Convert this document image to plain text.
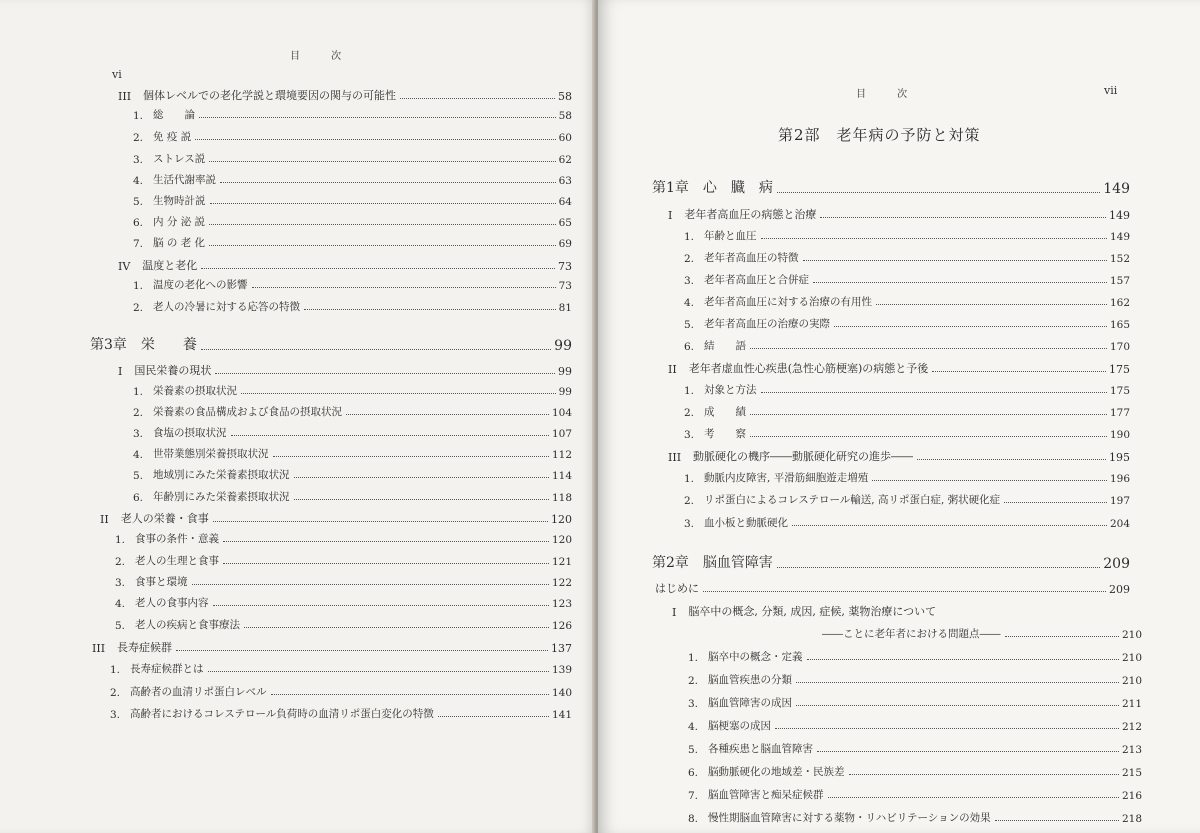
目 次
vi
目 次	vii
第2部　老年病の予防と対策
III 個体レベルでの老化学説と環境要因の関与の可能性	58
1. 総　　論	58
2. 免 疫 説	60
3. ストレス説	62
4. 生活代謝率説	63
5. 生物時計説	64
6. 内 分 泌 説	65
7. 脳 の 老 化	69
IV 温度と老化	73
1. 温度の老化への影響	73
2. 老人の冷暑に対する応答の特徴	81
第3章 栄　　養	99
I 国民栄養の現状	99
1. 栄養素の摂取状況	99
2. 栄養素の食品構成および食品の摂取状況	104
3. 食塩の摂取状況	107
4. 世帯業態別栄養摂取状況	112
5. 地域別にみた栄養素摂取状況	114
6. 年齢別にみた栄養素摂取状況	118
II 老人の栄養・食事	120
1. 食事の条件・意義	120
2. 老人の生理と食事	121
3. 食事と環境	122
4. 老人の食事内容	123
5. 老人の疾病と食事療法	126
III 長寿症候群	137
1. 長寿症候群とは	139
2. 高齢者の血清リポ蛋白レベル	140
3. 高齢者におけるコレステロール負荷時の血清リポ蛋白変化の特徴	141
第1章 心　臓　病	149
I 老年者高血圧の病態と治療	149
1. 年齢と血圧	149
2. 老年者高血圧の特徴	152
3. 老年者高血圧と合併症	157
4. 老年者高血圧に対する治療の有用性	162
5. 老年者高血圧の治療の実際	165
6. 結　　語	170
II 老年者虚血性心疾患(急性心筋梗塞)の病態と予後	175
1. 対象と方法	175
2. 成　　績	177
3. 考　　察	190
III 動脈硬化の機序――動脈硬化研究の進歩――	195
1. 動脈内皮障害, 平滑筋細胞遊走増殖	196
2. リポ蛋白によるコレステロール輸送, 高リポ蛋白症, 粥状硬化症	197
3. 血小板と動脈硬化	204
第2章 脳血管障害	209
はじめに	209
I 脳卒中の概念, 分類, 成因, 症候, 薬物治療について
――ことに老年者における問題点――	210
1. 脳卒中の概念・定義	210
2. 脳血管疾患の分類	210
3. 脳血管障害の成因	211
4. 脳梗塞の成因	212
5. 各種疾患と脳血管障害	213
6. 脳動脈硬化の地域差・民族差	215
7. 脳血管障害と痴呆症候群	216
8. 慢性期脳血管障害に対する薬物・リハビリテーションの効果	218
